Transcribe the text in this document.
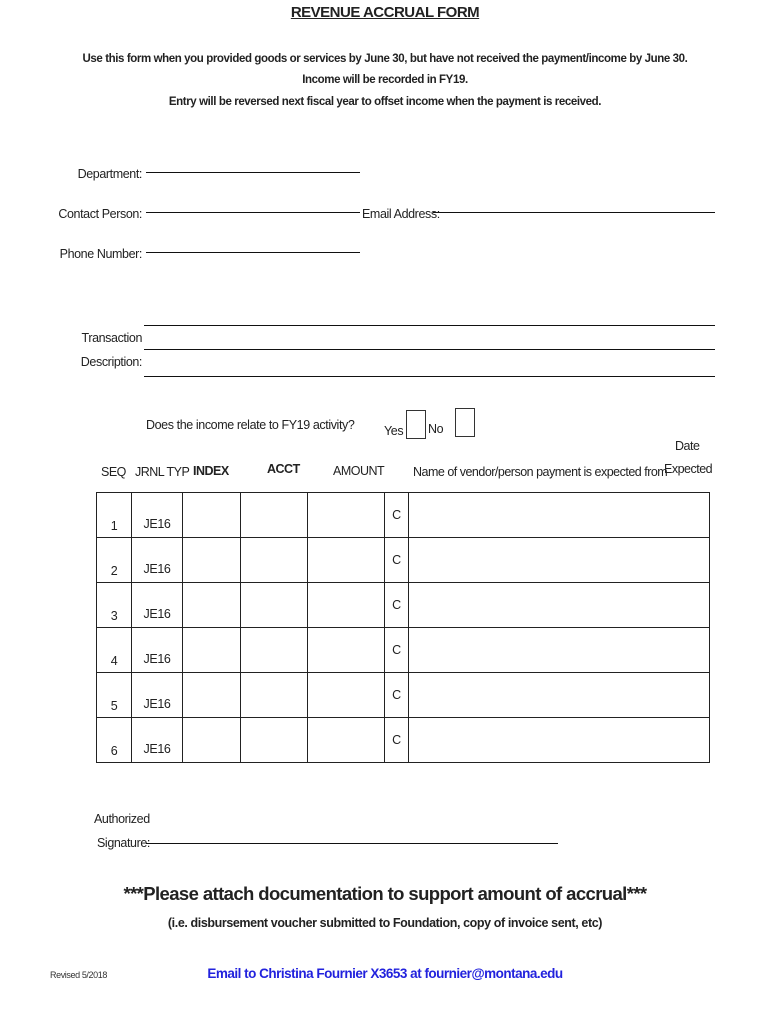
REVENUE ACCRUAL FORM
Use this form when you provided goods or services by June 30, but have not received the payment/income by June 30.
Income will be recorded in FY19.
Entry will be reversed next fiscal year to offset income when the payment is received.
Department:
Contact Person:	Email Address:
Phone Number:
Transaction
Description:
Does the income relate to FY19 activity? Yes No
SEQ JRNL TYP INDEX	ACCT	AMOUNT Name of vendor/person payment is expected from
Date
Expected
1	JE16				C	
2	JE16				C	
3	JE16				C	
4	JE16				C	
5	JE16				C	
6	JE16				C	
Authorized
Signature:
***Please attach documentation to support amount of accrual***
(i.e. disbursement voucher submitted to Foundation, copy of invoice sent, etc)
Revised 5/2018	Email to Christina Fournier X3653 at fournier@montana.edu
